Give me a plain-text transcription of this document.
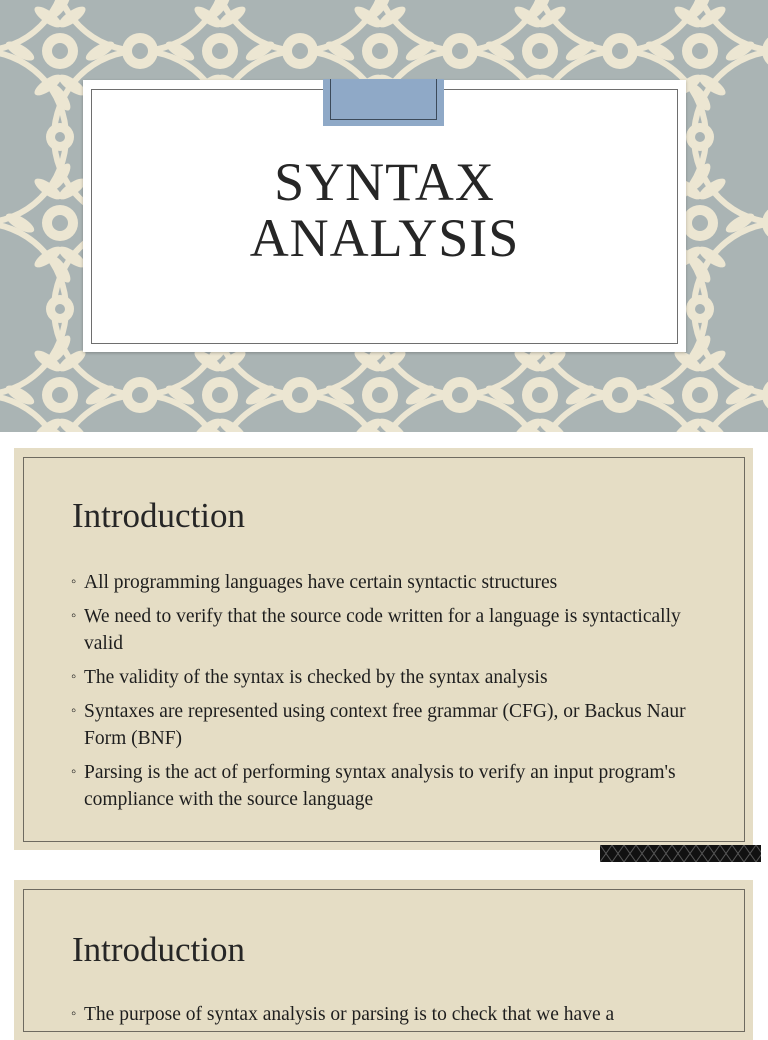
SYNTAX
ANALYSIS
Introduction
◦ All programming languages have certain syntactic structures
◦ We need to verify that the source code written for a language is syntactically valid
◦ The validity of the syntax is checked by the syntax analysis
◦ Syntaxes are represented using context free grammar (CFG), or Backus Naur Form (BNF)
◦ Parsing is the act of performing syntax analysis to verify an input program's compliance with the source language
Introduction
◦ The purpose of syntax analysis or parsing is to check that we have a
